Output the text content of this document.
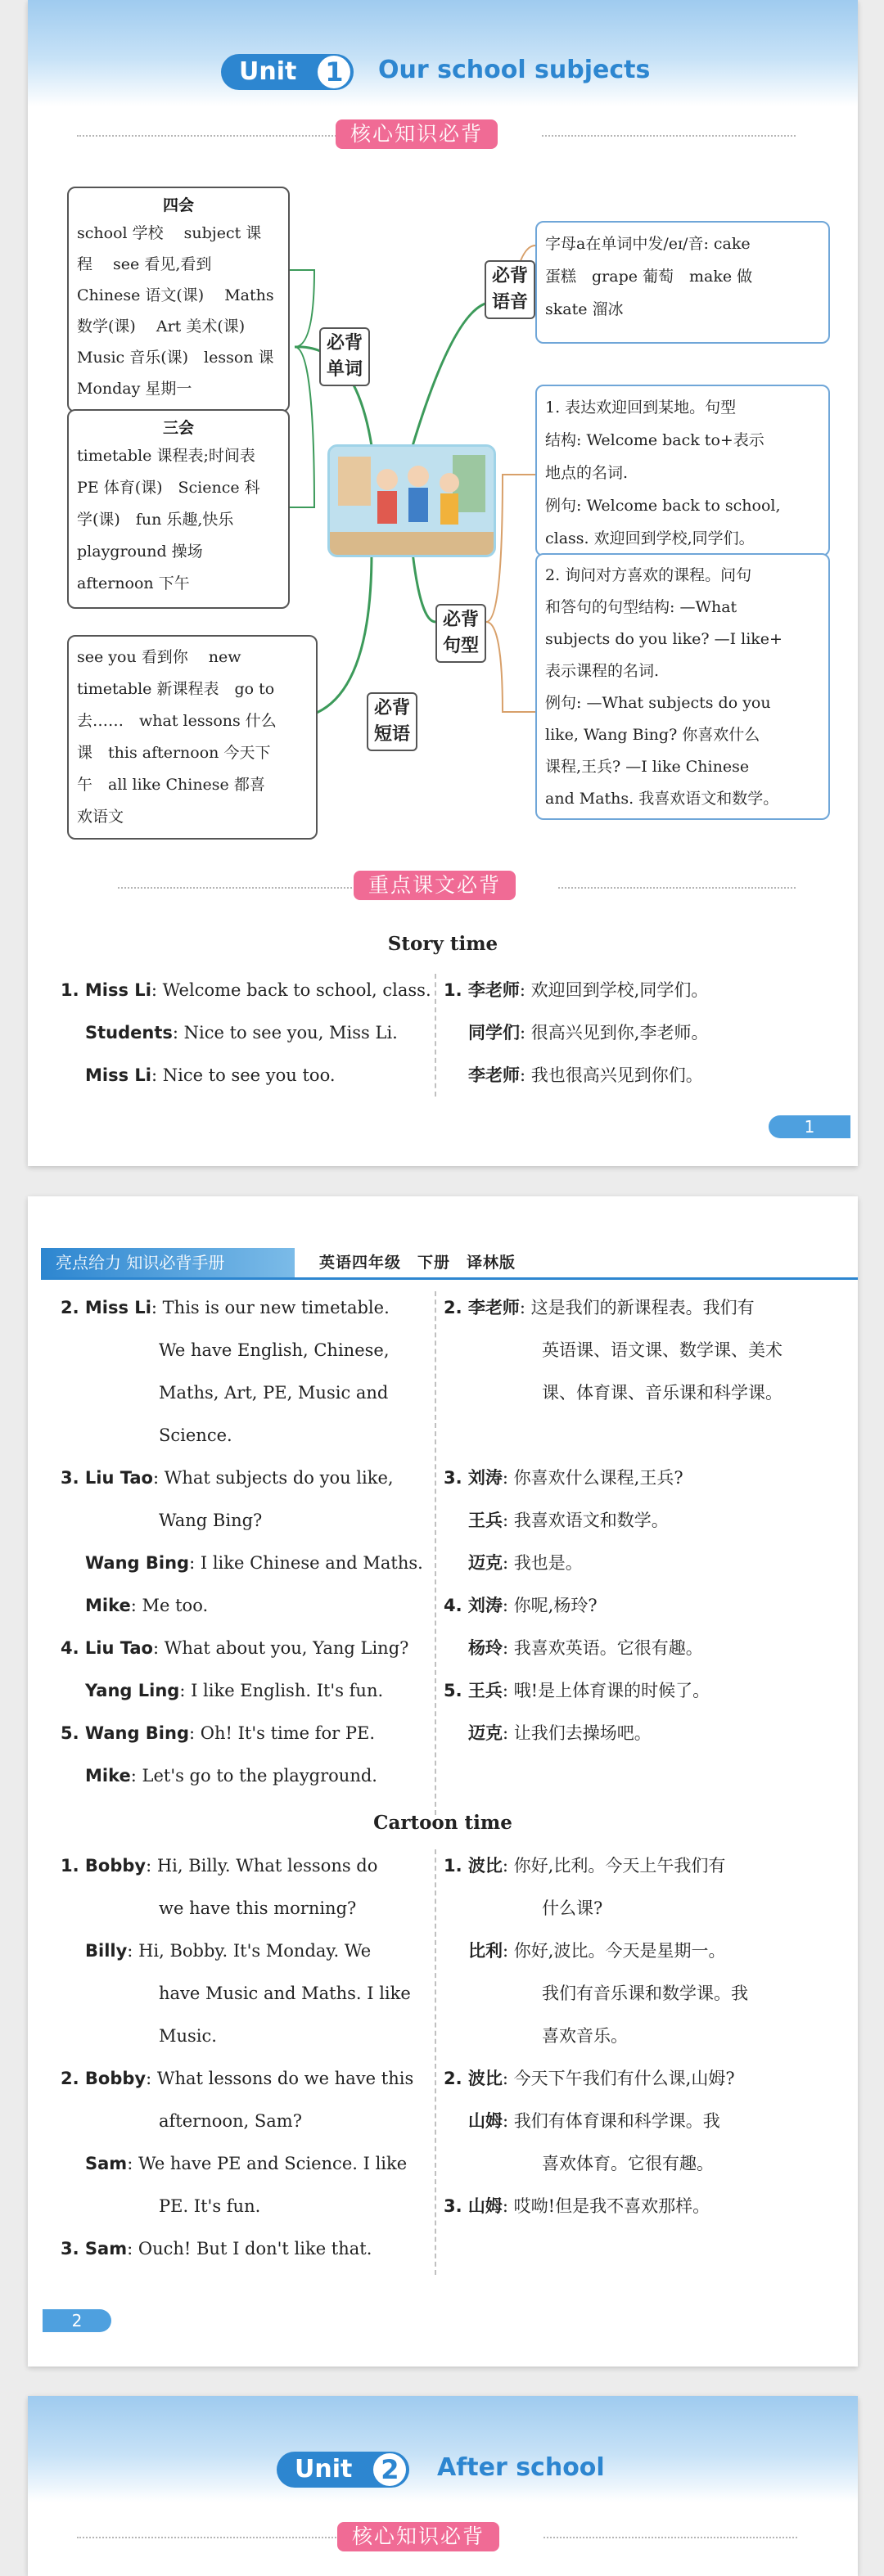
Unit 1 Our school subjects
核心知识必背
四会
school 学校　 subject 课
程　 see 看见,看到
Chinese 语文(课)　 Maths
数学(课)　 Art 美术(课)
Music 音乐(课)　lesson 课
Monday 星期一
三会
timetable 课程表;时间表
PE 体育(课)　Science 科
学(课)　fun 乐趣,快乐
playground 操场
afternoon 下午
see you 看到你　 new
timetable 新课程表　go to
去……　what lessons 什么
课　this afternoon 今天下
午　all like Chinese 都喜
欢语文
必背
单词
必背
短语
必背
语音
必背
句型
字母a在单词中发/eɪ/音: cake
蛋糕　grape 葡萄　make 做
skate 溜冰
1. 表达欢迎回到某地。句型
结构: Welcome back to+表示
地点的名词.
例句: Welcome back to school,
class. 欢迎回到学校,同学们。
2. 询问对方喜欢的课程。问句
和答句的句型结构: —What
subjects do you like? —I like+
表示课程的名词.
例句: —What subjects do you
like, Wang Bing? 你喜欢什么
课程,王兵? —I like Chinese
and Maths. 我喜欢语文和数学。
重点课文必背
Story time
1. Miss Li: Welcome back to school, class.
Students: Nice to see you, Miss Li.
Miss Li: Nice to see you too.
1. 李老师: 欢迎回到学校,同学们。
同学们: 很高兴见到你,李老师。
李老师: 我也很高兴见到你们。
1
亮点给力 知识必背手册	英语四年级　下册　译林版
2. Miss Li: This is our new timetable.
We have English, Chinese,
Maths, Art, PE, Music and
Science.
3. Liu Tao: What subjects do you like,
Wang Bing?
Wang Bing: I like Chinese and Maths.
Mike: Me too.
4. Liu Tao: What about you, Yang Ling?
Yang Ling: I like English. It's fun.
5. Wang Bing: Oh! It's time for PE.
Mike: Let's go to the playground.
2. 李老师: 这是我们的新课程表。我们有
英语课、语文课、数学课、美术
课、体育课、音乐课和科学课。
3. 刘涛: 你喜欢什么课程,王兵?
王兵: 我喜欢语文和数学。
迈克: 我也是。
4. 刘涛: 你呢,杨玲?
杨玲: 我喜欢英语。它很有趣。
5. 王兵: 哦!是上体育课的时候了。
迈克: 让我们去操场吧。
Cartoon time
1. Bobby: Hi, Billy. What lessons do
we have this morning?
Billy: Hi, Bobby. It's Monday. We
have Music and Maths. I like
Music.
2. Bobby: What lessons do we have this
afternoon, Sam?
Sam: We have PE and Science. I like
PE. It's fun.
3. Sam: Ouch! But I don't like that.
1. 波比: 你好,比利。今天上午我们有
什么课?
比利: 你好,波比。今天是星期一。
我们有音乐课和数学课。我
喜欢音乐。
2. 波比: 今天下午我们有什么课,山姆?
山姆: 我们有体育课和科学课。我
喜欢体育。它很有趣。
3. 山姆: 哎呦!但是我不喜欢那样。
2
Unit 2 After school
核心知识必背
